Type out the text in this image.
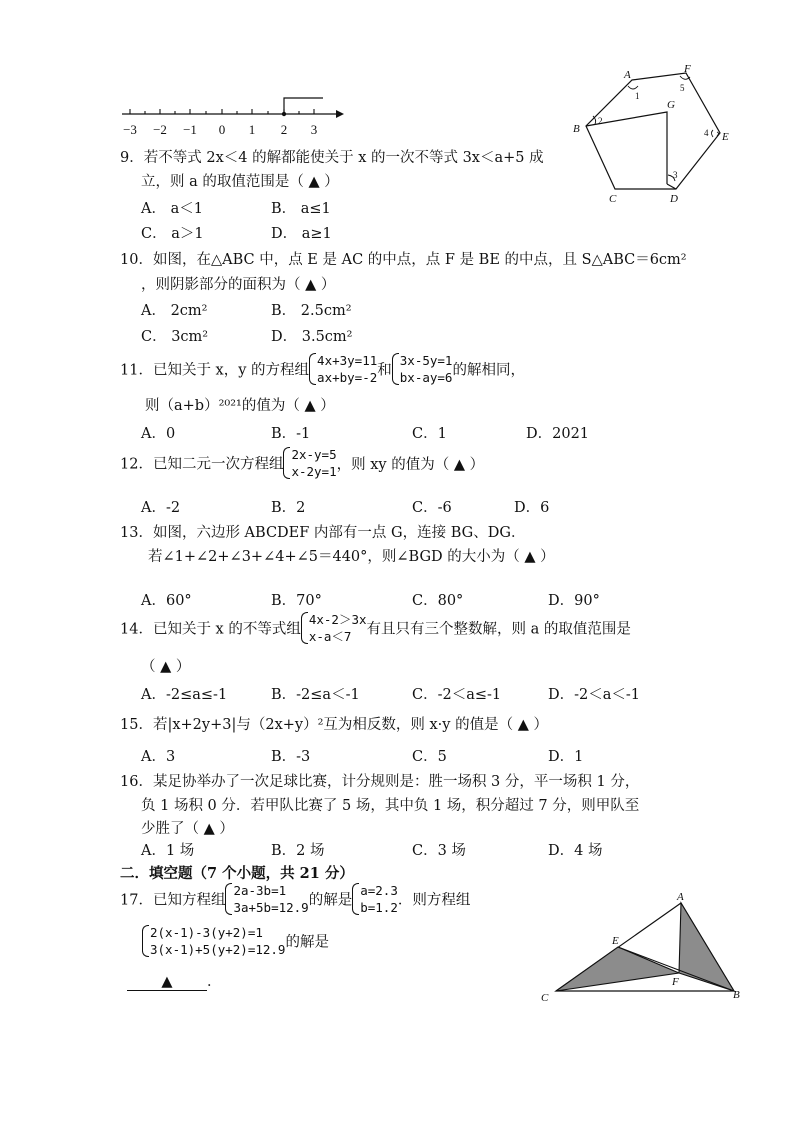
−3 −2 −1 0 1 2 3
A	F
G
B
E
C	D
1
2
3
4
5
A
E
F
C	B
9．若不等式 2x＜4 的解都能使关于 x 的一次不等式 3x＜a+5 成
立，则 a 的取值范围是（ ▲ ）
A． a＜1	B． a≤1
C． a＞1	D． a≥1
10．如图，在△ABC 中，点 E 是 AC 的中点，点 F 是 BE 的中点，且 S△ABC＝6cm²
，则阴影部分的面积为（ ▲ ）
A． 2cm²	B． 2.5cm²
C． 3cm²	D． 3.5cm²
11．已知关于 x，y 的方程组
4x+3y=11
ax+by=-2 和
3x-5y=1
bx-ay=6 的解相同，
则（a+b）²⁰²¹的值为（ ▲ ）
A．0	B．-1	C．1	D．2021
12．已知二元一次方程组
2x-y=5
x-2y=1 ，则 xy 的值为（ ▲ ）
A．-2	B．2	C．-6	D．6
13．如图，六边形 ABCDEF 内部有一点 G，连接 BG、DG．
若∠1+∠2+∠3+∠4+∠5＝440°，则∠BGD 的大小为（ ▲ ）
A．60°	B．70°	C．80°	D．90°
14．已知关于 x 的不等式组
4x-2＞3x
x-a＜7	有且只有三个整数解，则 a 的取值范围是
（ ▲ ）
A．-2≤a≤-1	B．-2≤a＜-1	C．-2＜a≤-1	D．-2＜a＜-1
15．若|x+2y+3|与（2x+y）²互为相反数，则 x·y 的值是（ ▲ ）
A．3	B．-3	C．5	D．1
16．某足协举办了一次足球比赛，计分规则是：胜一场积 3 分，平一场积 1 分，
负 1 场积 0 分．若甲队比赛了 5 场，其中负 1 场，积分超过 7 分，则甲队至
少胜了（ ▲ ）
A．1 场	B．2 场	C．3 场	D．4 场
二．填空题（7 个小题，共 21 分）
17．已知方程组
2a-3b=1
3a+5b=12.9 的解是
a=2.3
b=1.2 ．则方程组
2(x-1)-3(y+2)=1
3(x-1)+5(y+2)=12.9 的解是
▲ ．
